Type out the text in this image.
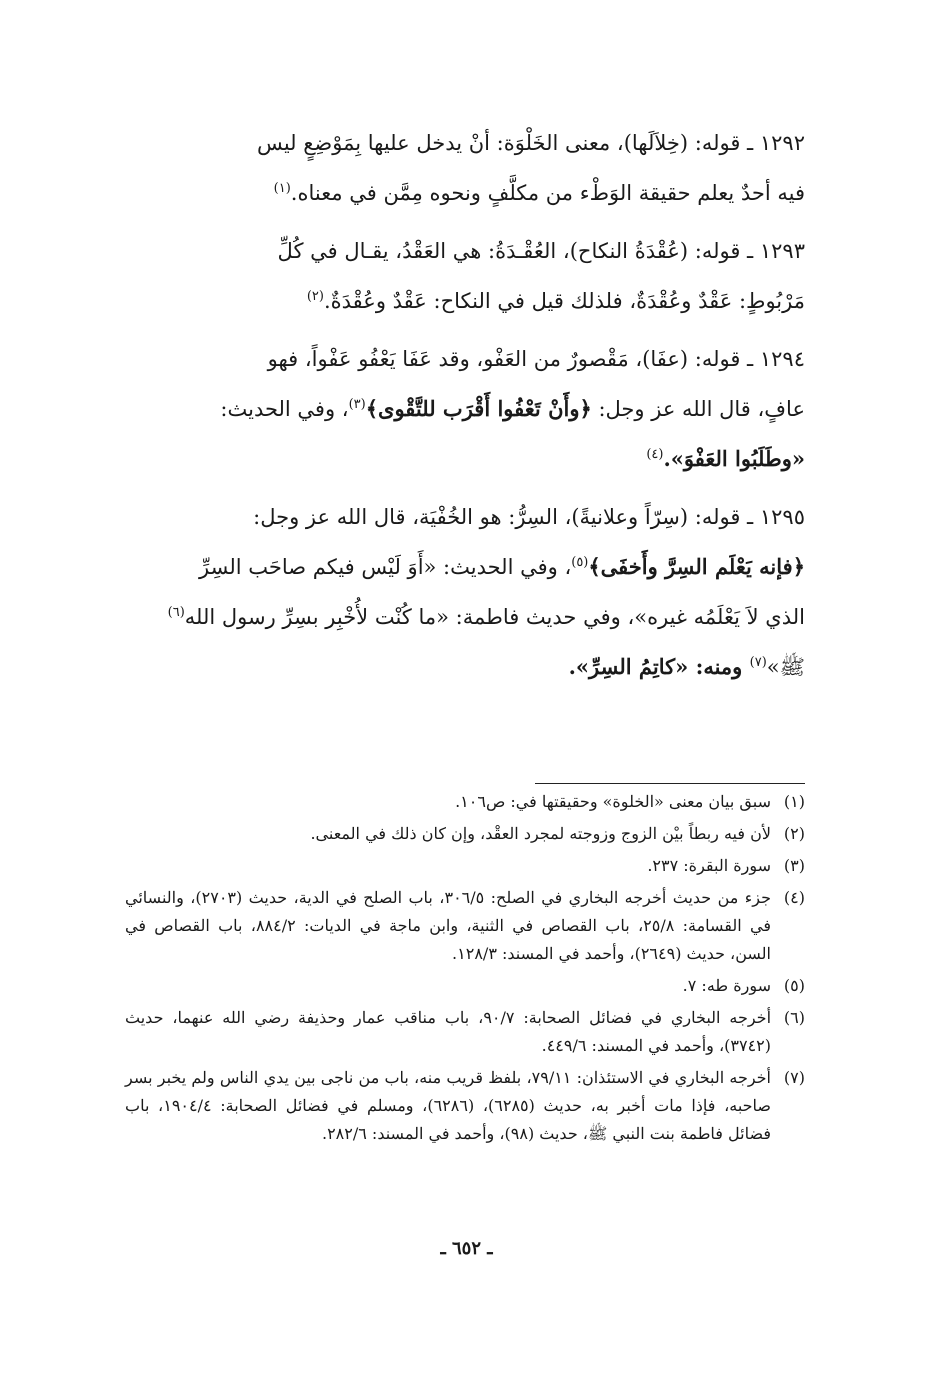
١٢٩٢ ـ قوله: (خِلاَلَها)، معنى الخَلْوَة: أنْ يدخل عليها بِمَوْضِعٍ ليس

فيه أحدٌ يعلم حقيقة الوَطْء من مكلَّفٍ ونحوه مِمَّن في معناه.$^{(١)}$

١٢٩٣ ـ قوله: (عُقْدَةُ النكاح)، العُقْـدَةُ: هي العَقْدُ، يقـال في كُلِّ

مَرْبُوطٍ: عَقْدٌ وعُقْدَةٌ، فلذلك قيل في النكاح: عَقْدٌ وعُقْدَةٌ.$^{(٢)}$

١٢٩٤ ـ قوله: (عفَا)، مَقْصورٌ من العَفْو، وقد عَفَا يَعْفُو عَفْواً، فهو

عافٍ، قال الله عز وجل: ﴿وأَنْ تَعْفُوا أَقْرَب للتَّقْوى﴾$^{(٣)}$، وفي الحديث:

«وطَلَبُوا العَفْوَ».$^{(٤)}$

١٢٩٥ ـ قوله: (سِرّاً وعلانيةً)، السِرُّ: هو الخُفْيَة، قال الله عز وجل:

﴿فإنه يَعْلَم السِرَّ وأَخفَى﴾$^{(٥)}$، وفي الحديث: «أَوَ لَيْس فيكم صاحَب السِرِّ

الذي لاَ يَعْلَمُه غيره»، وفي حديث فاطمة: «ما كُنْت لأُخْبِر بسِرِّ رسول الله$^{(٦)}$

ﷺ»$^{(٧)}$ ومنه: «كاتِمُ السِرِّ».

(١)
سبق بيان معنى «الخلوة» وحقيقتها في: ص١٠٦.
(٢)
لأن فيه ربطاً بيْن الزوج وزوجته لمجرد العقْد، وإن كان ذلك في المعنى.
(٣)
سورة البقرة: ٢٣٧.
(٤)
جزء من حديث أخرجه البخاري في الصلح: ٣٠٦/٥، باب الصلح في الدية، حديث (٢٧٠٣)، والنسائي في القسامة: ٢٥/٨، باب القصاص في الثنية، وابن ماجة في الديات: ٨٨٤/٢، باب القصاص في السن، حديث (٢٦٤٩)، وأحمد في المسند: ١٢٨/٣.
(٥)
سورة طه: ٧.
(٦)
أخرجه البخاري في فضائل الصحابة: ٩٠/٧، باب مناقب عمار وحذيفة رضي الله عنهما، حديث (٣٧٤٢)، وأحمد في المسند: ٤٤٩/٦.
(٧)
أخرجه البخاري في الاستئذان: ٧٩/١١، بلفظ قريب منه، باب من ناجى بين يدي الناس ولم يخبر بسر صاحبه، فإذا مات أخبر به، حديث (٦٢٨٥)، (٦٢٨٦)، ومسلم في فضائل الصحابة: ١٩٠٤/٤، باب فضائل فاطمة بنت النبي ﷺ، حديث (٩٨)، وأحمد في المسند: ٢٨٢/٦.
ـ ٦٥٢ ـ
